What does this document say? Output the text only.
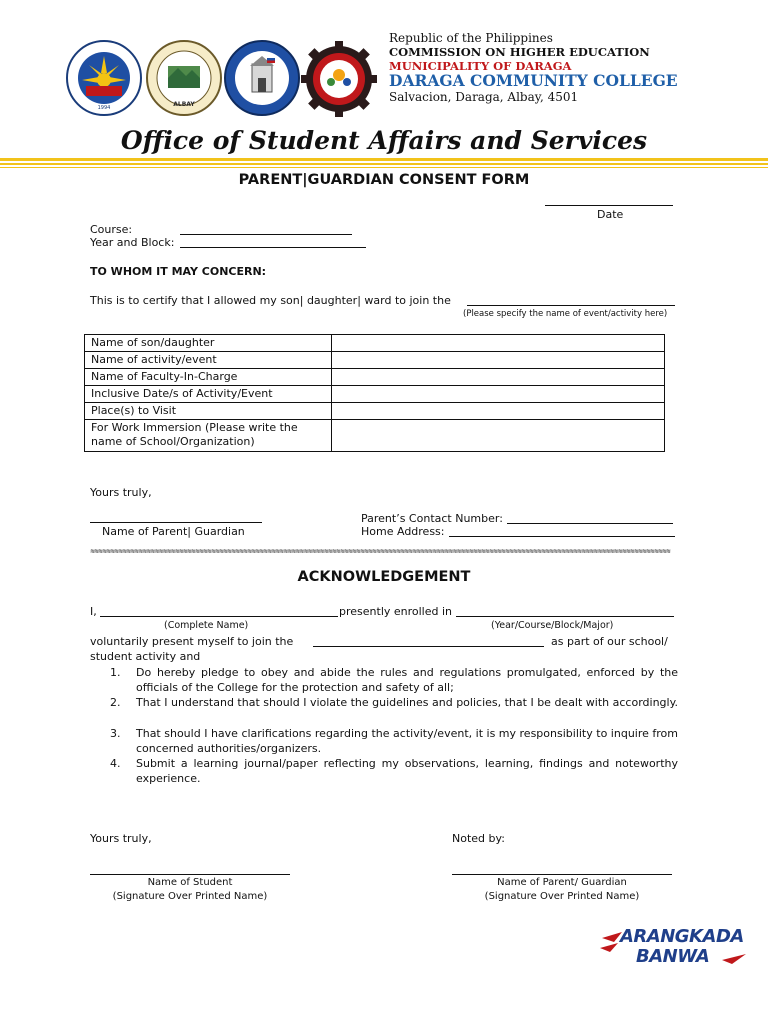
1994	ALBAY
Republic of the Philippines
COMMISSION ON HIGHER EDUCATION
MUNICIPALITY OF DARAGA
DARAGA COMMUNITY COLLEGE
Salvacion, Daraga, Albay, 4501
Office of Student Affairs and Services
PARENT|GUARDIAN CONSENT FORM
Date
Course:
Year and Block:
TO WHOM IT MAY CONCERN:
This is to certify that I allowed my son| daughter| ward to join the
(Please specify the name of event/activity here)
Name of son/daughter	
Name of activity/event	
Name of Faculty-In-Charge	
Inclusive Date/s of Activity/Event	
Place(s) to Visit	

For Work Immersion (Please write the
name of School/Organization)	

Yours truly,
Name of Parent| Guardian
Parent’s Contact Number:
Home Address:
≋≋≋≋≋≋≋≋≋≋≋≋≋≋≋≋≋≋≋≋≋≋≋≋≋≋≋≋≋≋≋≋≋≋≋≋≋≋≋≋≋≋≋≋≋≋≋≋≋≋≋≋≋≋≋≋≋≋≋≋≋≋≋≋≋≋≋≋≋≋≋≋≋≋≋≋≋≋≋≋≋≋≋≋≋≋≋≋≋≋≋≋≋≋≋≋≋≋≋≋≋≋≋≋≋≋≋≋≋≋≋≋≋≋≋≋≋≋≋≋≋≋≋≋≋≋≋≋≋≋≋≋≋≋≋≋≋≋≋≋≋≋≋≋
ACKNOWLEDGEMENT
I,	presently enrolled in
(Complete Name)	(Year/Course/Block/Major)
voluntarily present myself to join the	as part of our school/
student activity and
1. Do hereby pledge to obey and abide the rules and regulations promulgated, enforced by the officials of the College for the protection and safety of all;
2. That I understand that should I violate the guidelines and policies, that I be dealt with accordingly.
3. That should I have clarifications regarding the activity/event, it is my responsibility to inquire from concerned authorities/organizers.
4. Submit a learning journal/paper reflecting my observations, learning, findings and noteworthy experience.
Yours truly,	Noted by:
Name of Student
(Signature Over Printed Name)
Name of Parent/ Guardian
(Signature Over Printed Name)
ARANGKADA
BANWA
